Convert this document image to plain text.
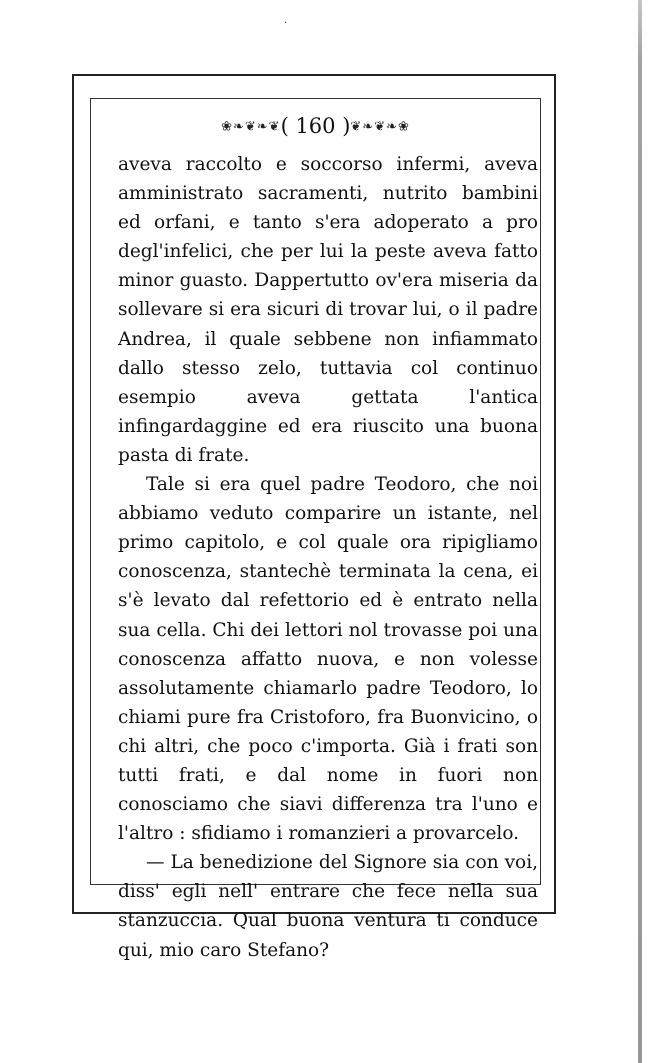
·
❀❧❦❧❦( 160 )❦❧❦❧❀

aveva raccolto e soccorso infermi, aveva amministrato sacramenti, nutrito bambini ed orfani, e tanto s'era adoperato a pro degl'infelici, che per lui la peste aveva fatto minor guasto. Dappertutto ov'era miseria da sollevare si era sicuri di trovar lui, o il padre Andrea, il quale sebbene non infiammato dallo stesso zelo, tuttavia col continuo esempio aveva gettata l'antica infingardaggine ed era riuscito una buona pasta di frate.

Tale si era quel padre Teodoro, che noi abbiamo veduto comparire un istante, nel primo capitolo, e col quale ora ripigliamo conoscenza, stantechè terminata la cena, ei s'è levato dal refettorio ed è entrato nella sua cella. Chi dei lettori nol trovasse poi una conoscenza affatto nuova, e non volesse assolutamente chiamarlo padre Teodoro, lo chiami pure fra Cristoforo, fra Buonvicino, o chi altri, che poco c'importa. Già i frati son tutti frati, e dal nome in fuori non conosciamo che siavi differenza tra l'uno e l'altro : sfidiamo i romanzieri a provarcelo.

— La benedizione del Signore sia con voi, diss' egli nell' entrare che fece nella sua stanzuccia. Qual buona ventura ti conduce qui, mio caro Stefano?
